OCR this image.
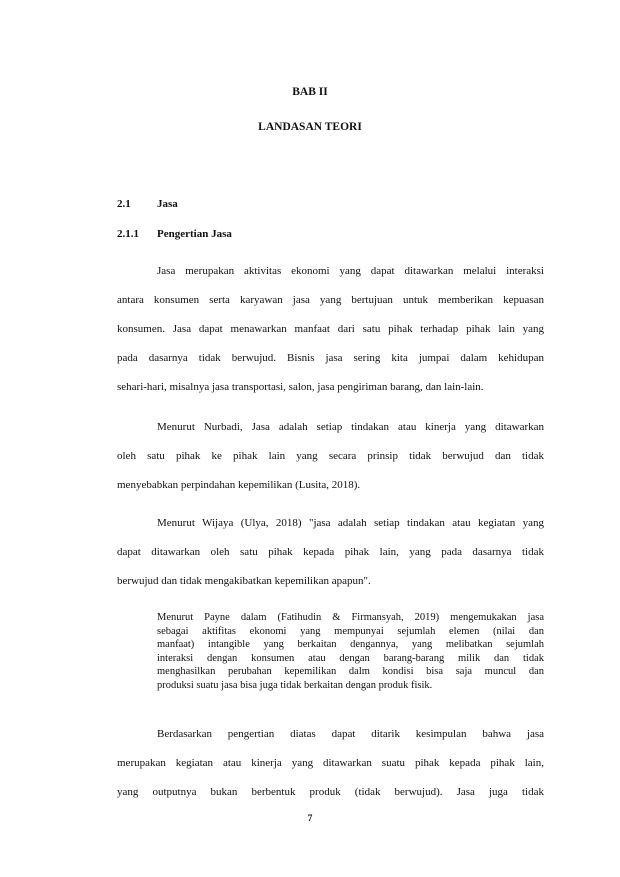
BAB II
LANDASAN TEORI
2.1 Jasa
2.1.1 Pengertian Jasa
Jasa merupakan aktivitas ekonomi yang dapat ditawarkan melalui interaksi
antara konsumen serta karyawan jasa yang bertujuan untuk memberikan kepuasan
konsumen. Jasa dapat menawarkan manfaat dari satu pihak terhadap pihak lain yang
pada dasarnya tidak berwujud. Bisnis jasa sering kita jumpai dalam kehidupan
sehari-hari, misalnya jasa transportasi, salon, jasa pengiriman barang, dan lain-lain.
Menurut Nurbadi, Jasa adalah setiap tindakan atau kinerja yang ditawarkan
oleh satu pihak ke pihak lain yang secara prinsip tidak berwujud dan tidak
menyebabkan perpindahan kepemilikan (Lusita, 2018).
Menurut Wijaya (Ulya, 2018) "jasa adalah setiap tindakan atau kegiatan yang
dapat ditawarkan oleh satu pihak kepada pihak lain, yang pada dasarnya tidak
berwujud dan tidak mengakibatkan kepemilikan apapun".
Menurut Payne dalam (Fatihudin & Firmansyah, 2019) mengemukakan jasa
sebagai aktifitas ekonomi yang mempunyai sejumlah elemen (nilai dan
manfaat) intangible yang berkaitan dengannya, yang melibatkan sejumlah
interaksi dengan konsumen atau dengan barang-barang milik dan tidak
menghasilkan perubahan kepemilikan dalm kondisi bisa saja muncul dan
produksi suatu jasa bisa juga tidak berkaitan dengan produk fisik.
Berdasarkan pengertian diatas dapat ditarik kesimpulan bahwa jasa
merupakan kegiatan atau kinerja yang ditawarkan suatu pihak kepada pihak lain,
yang outputnya bukan berbentuk produk (tidak berwujud). Jasa juga tidak
7
